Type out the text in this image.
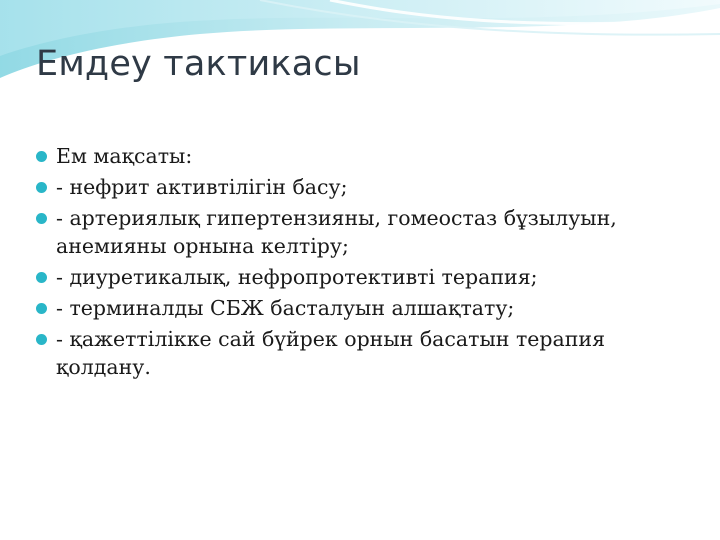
Емдеу тактикасы
Ем мақсаты:
- нефрит активтілігін басу;
- артериялық гипертензияны, гомеостаз бұзылуын, анемияны орнына келтіру;
- диуретикалық, нефропротективті терапия;
- терминалды СБЖ басталуын алшақтату;
- қажеттілікке сай бүйрек орнын басатын терапия қолдану.
